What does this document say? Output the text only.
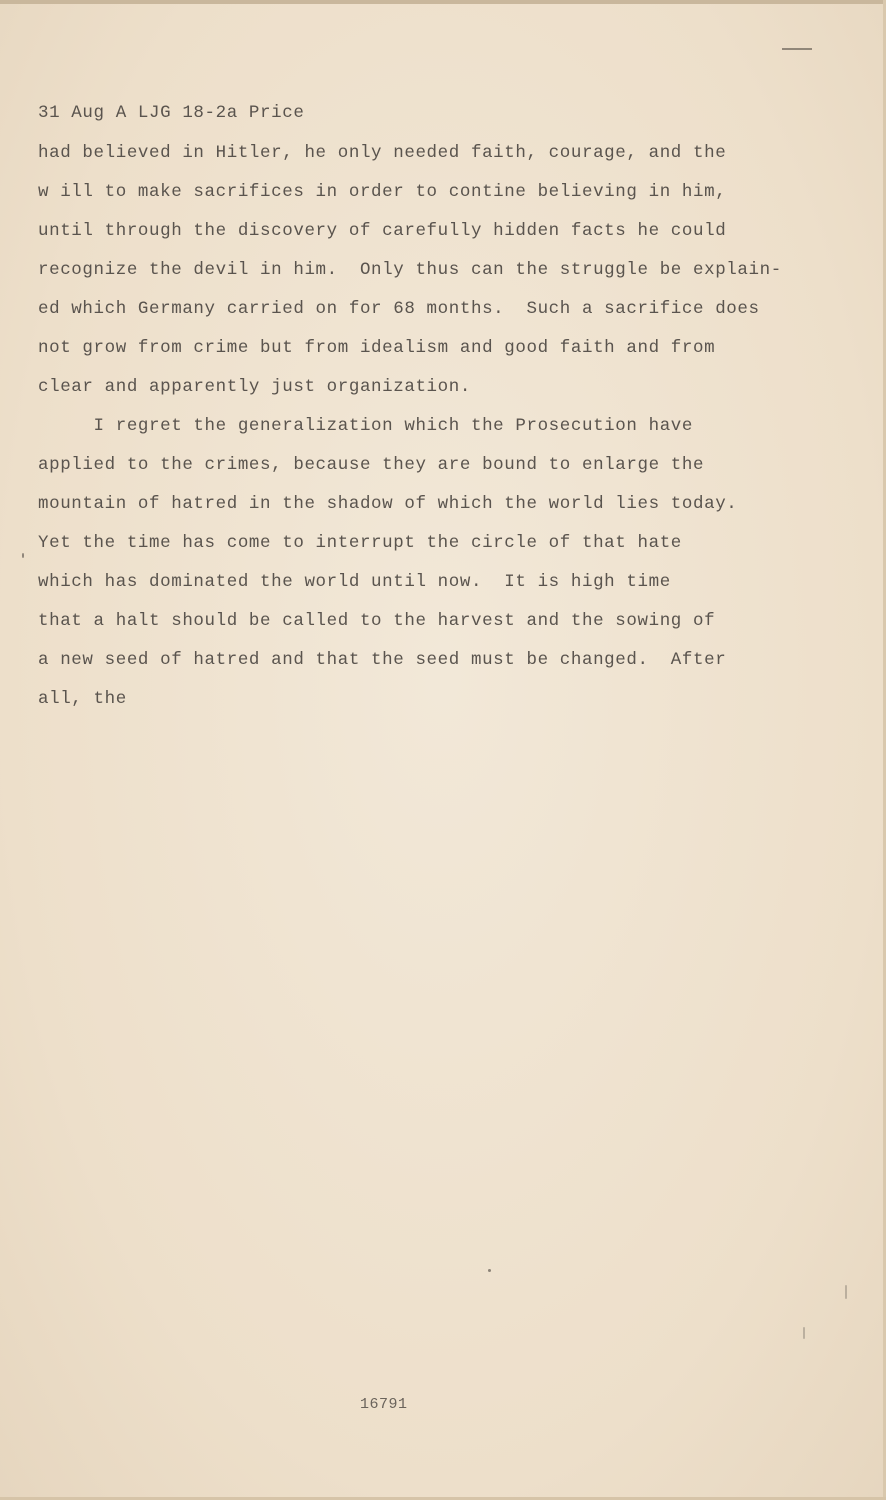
31 Aug A LJG 18-2a Price
had believed in Hitler, he only needed faith, courage, and the
w ill to make sacrifices in order to contine believing in him,
until through the discovery of carefully hidden facts he could
recognize the devil in him.  Only thus can the struggle be explain-
ed which Germany carried on for 68 months.  Such a sacrifice does
not grow from crime but from idealism and good faith and from
clear and apparently just organization.
I regret the generalization which the Prosecution have
applied to the crimes, because they are bound to enlarge the
mountain of hatred in the shadow of which the world lies today.
Yet the time has come to interrupt the circle of that hate
which has dominated the world until now.  It is high time
that a halt should be called to the harvest and the sowing of
a new seed of hatred and that the seed must be changed.  After
all, the
16791
